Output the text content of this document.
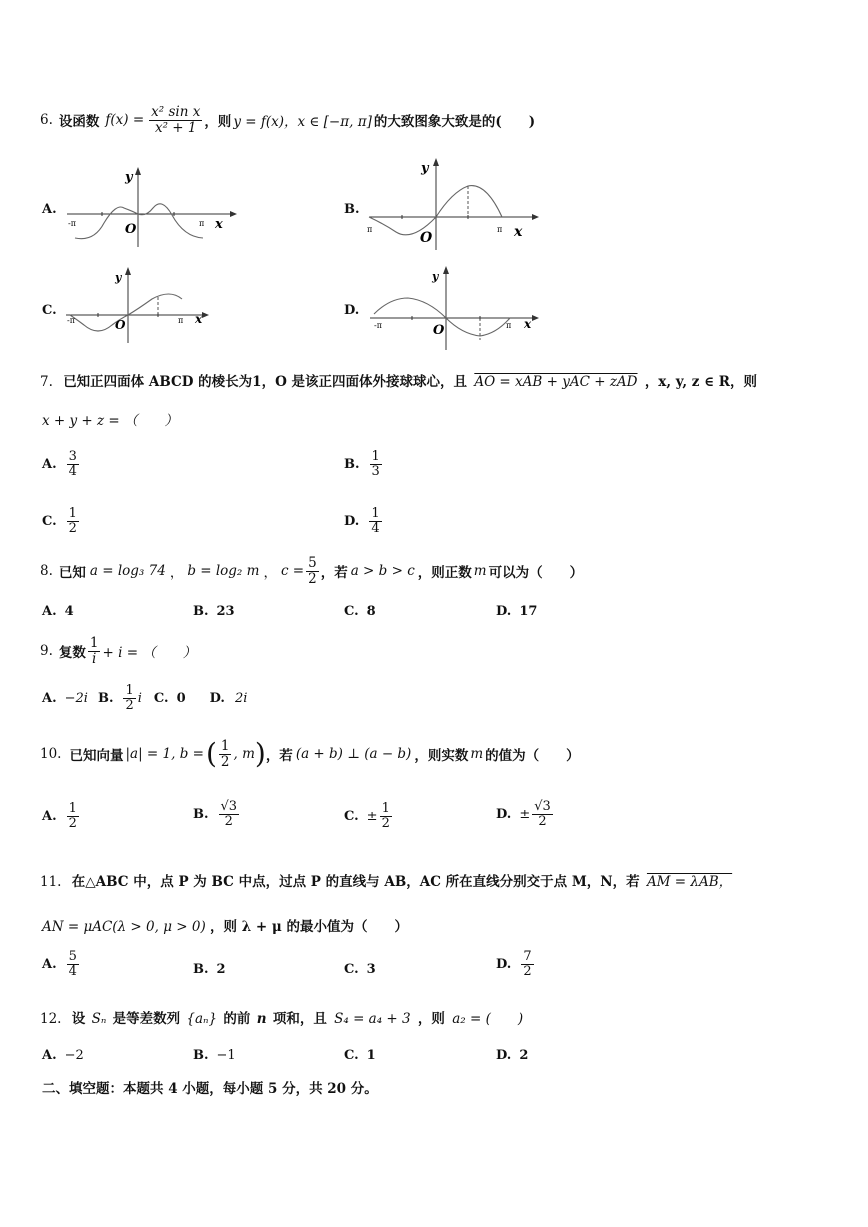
6. 设函数 $f(x) = \frac{\text{x² sin x}}{\text{x² + 1}}$ ，则 y = f(x)，x ∈ [−π, π] 的大致图象大致是的(　　)
A.
y
x
O
-π	π
B.
y
x
O
π	π
C.
y
x
O
-π	π
D.
y
x
O
-π	π
7. 已知正四面体 ABCD 的棱长为1，O 是该正四面体外接球球心，且 AO = xAB + yAC + zAD ，x, y, z ∈ R，则
x + y + z = （　　）
A. $\frac{3}{4}$	B. $\frac{1}{3}$
C. $\frac{1}{2}$	D. $\frac{1}{4}$
8. 已知 a = log₃ 74 ， b = log₂ m ， $c = \frac{5}{2}$ ，若 a > b > c ，则正数 m 可以为（　　）
A. 4	B. 23	C. 8	D. 17
9. 复数 $\frac{1}{i} + i$ = （　　）
A. −2i B. $\frac{1}{2}$ i C. 0 D. 2i
10. 已知向量 |a| = 1, b = ( $\frac{1}{2}$ , m ) ，若 (a + b) ⊥ (a − b) ，则实数 m 的值为（　　）
A. $\frac{1}{2}$	B. $\frac{√3}{2}$	C. ± $\frac{1}{2}$	D. ± $\frac{√3}{2}$
11. 在△ABC 中，点 P 为 BC 中点，过点 P 的直线与 AB，AC 所在直线分别交于点 M，N，若 AM = λAB，
AN = μAC(λ > 0, μ > 0) ，则 λ + μ 的最小值为（　　）
A. $\frac{5}{4}$	B. 2	C. 3	D. $\frac{7}{2}$
12. 设 Sₙ 是等差数列 {aₙ} 的前 n 项和，且 S₄ = a₄ + 3 ，则 a₂ = (　　)
A. −2	B. −1	C. 1	D. 2
二、填空题：本题共 4 小题，每小题 5 分，共 20 分。
